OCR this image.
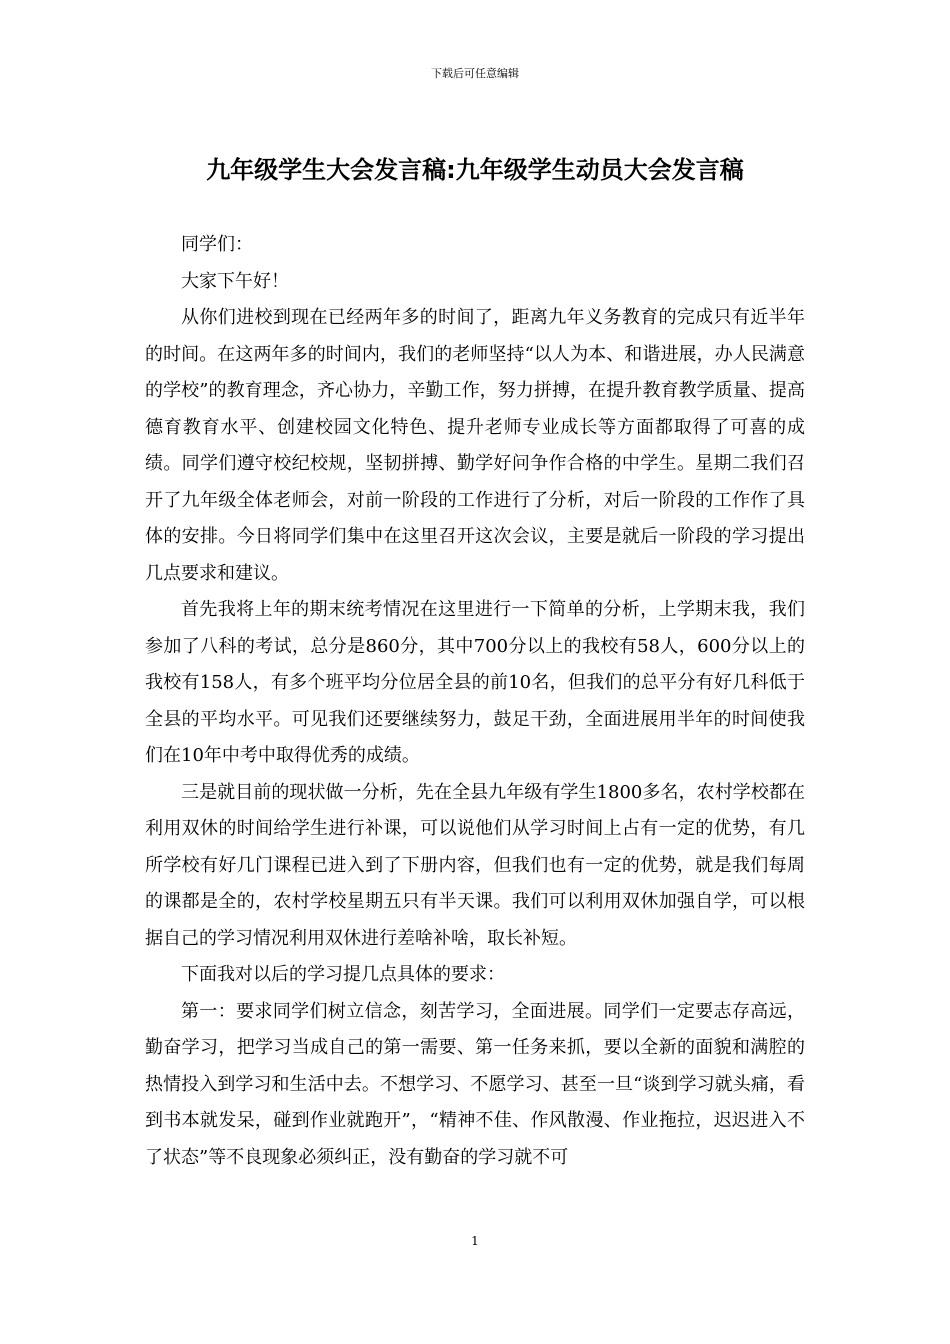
下载后可任意编辑
九年级学生大会发言稿:九年级学生动员大会发言稿

同学们：

大家下午好！

从你们进校到现在已经两年多的时间了，距离九年义务教育的完成只有近半年的时间。在这两年多的时间内，我们的老师坚持“以人为本、和谐进展，办人民满意的学校”的教育理念，齐心协力，辛勤工作，努力拼搏，在提升教育教学质量、提高德育教育水平、创建校园文化特色、提升老师专业成长等方面都取得了可喜的成绩。同学们遵守校纪校规，坚韧拼搏、勤学好问争作合格的中学生。星期二我们召开了九年级全体老师会，对前一阶段的工作进行了分析，对后一阶段的工作作了具体的安排。今日将同学们集中在这里召开这次会议，主要是就后一阶段的学习提出几点要求和建议。

首先我将上年的期末统考情况在这里进行一下简单的分析，上学期末我，我们参加了八科的考试，总分是860分，其中700分以上的我校有58人，600分以上的我校有158人，有多个班平均分位居全县的前10名，但我们的总平分有好几科低于全县的平均水平。可见我们还要继续努力，鼓足干劲，全面进展用半年的时间使我们在10年中考中取得优秀的成绩。

三是就目前的现状做一分析，先在全县九年级有学生1800多名，农村学校都在利用双休的时间给学生进行补课，可以说他们从学习时间上占有一定的优势，有几所学校有好几门课程已进入到了下册内容，但我们也有一定的优势，就是我们每周的课都是全的，农村学校星期五只有半天课。我们可以利用双休加强自学，可以根据自己的学习情况利用双休进行差啥补啥，取长补短。

下面我对以后的学习提几点具体的要求：

第一：要求同学们树立信念，刻苦学习，全面进展。同学们一定要志存高远，勤奋学习，把学习当成自己的第一需要、第一任务来抓，要以全新的面貌和满腔的热情投入到学习和生活中去。不想学习、不愿学习、甚至一旦“谈到学习就头痛，看到书本就发呆，碰到作业就跑开”，“精神不佳、作风散漫、作业拖拉，迟迟进入不了状态”等不良现象必须纠正，没有勤奋的学习就不可

1
